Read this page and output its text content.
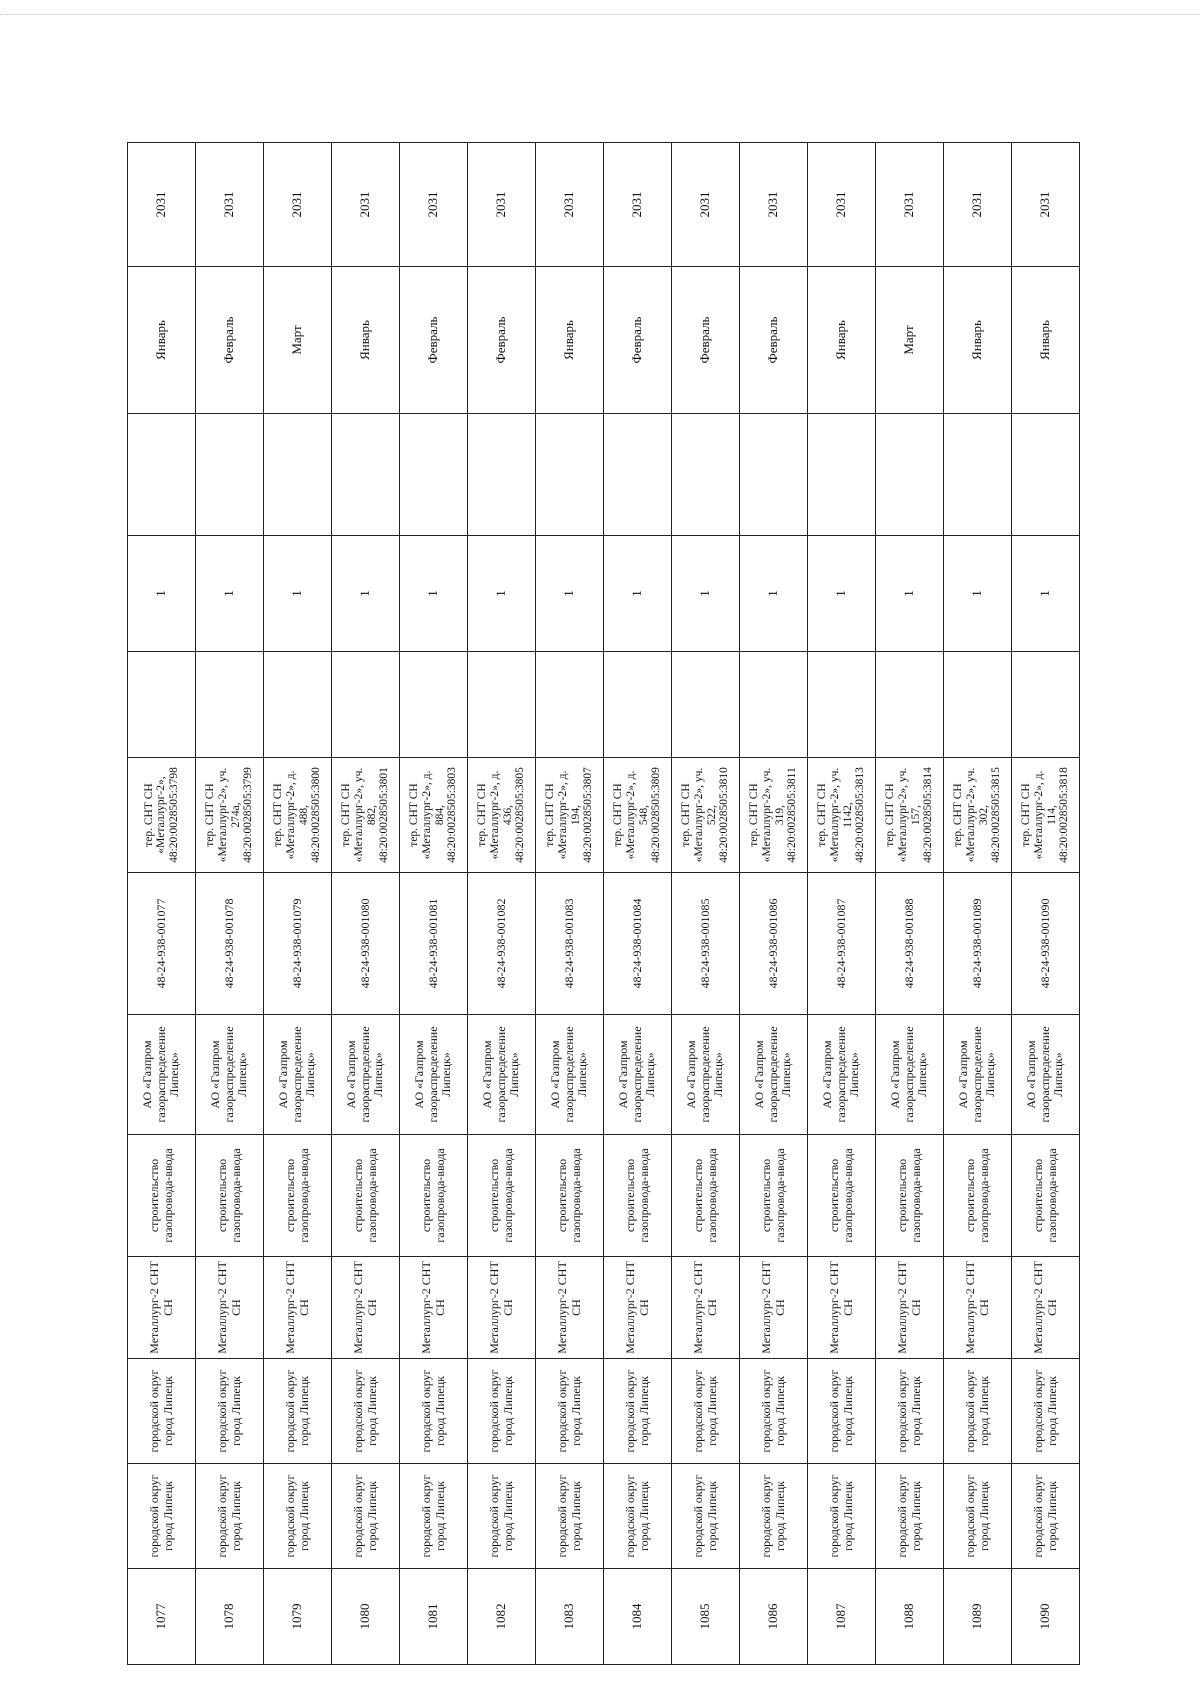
1077	городской округ город Липецк	городской округ город Липецк	Металлург-2 СНТ СН	строительство газопровода-ввода	АО «Газпром газораспределение Липецк»	48-24-938-001077	тер. СНТ СН «Металлург-2», 48:20:0028505:3798		1		Январь	2031
1078	городской округ город Липецк	городской округ город Липецк	Металлург-2 СНТ СН	строительство газопровода-ввода	АО «Газпром газораспределение Липецк»	48-24-938-001078	тер. СНТ СН «Металлург-2», уч. 274а, 48:20:0028505:3799		1		Февраль	2031
1079	городской округ город Липецк	городской округ город Липецк	Металлург-2 СНТ СН	строительство газопровода-ввода	АО «Газпром газораспределение Липецк»	48-24-938-001079	тер. СНТ СН «Металлург-2», д. 488, 48:20:0028505:3800		1		Март	2031
1080	городской округ город Липецк	городской округ город Липецк	Металлург-2 СНТ СН	строительство газопровода-ввода	АО «Газпром газораспределение Липецк»	48-24-938-001080	тер. СНТ СН «Металлург-2», уч. 882, 48:20:0028505:3801		1		Январь	2031
1081	городской округ город Липецк	городской округ город Липецк	Металлург-2 СНТ СН	строительство газопровода-ввода	АО «Газпром газораспределение Липецк»	48-24-938-001081	тер. СНТ СН «Металлург-2», д. 884, 48:20:0028505:3803		1		Февраль	2031
1082	городской округ город Липецк	городской округ город Липецк	Металлург-2 СНТ СН	строительство газопровода-ввода	АО «Газпром газораспределение Липецк»	48-24-938-001082	тер. СНТ СН «Металлург-2», д. 436, 48:20:0028505:3805		1		Февраль	2031
1083	городской округ город Липецк	городской округ город Липецк	Металлург-2 СНТ СН	строительство газопровода-ввода	АО «Газпром газораспределение Липецк»	48-24-938-001083	тер. СНТ СН «Металлург-2», д. 194, 48:20:0028505:3807		1		Январь	2031
1084	городской округ город Липецк	городской округ город Липецк	Металлург-2 СНТ СН	строительство газопровода-ввода	АО «Газпром газораспределение Липецк»	48-24-938-001084	тер. СНТ СН «Металлург-2», д. 548, 48:20:0028505:3809		1		Февраль	2031
1085	городской округ город Липецк	городской округ город Липецк	Металлург-2 СНТ СН	строительство газопровода-ввода	АО «Газпром газораспределение Липецк»	48-24-938-001085	тер. СНТ СН «Металлург-2», уч. 522, 48:20:0028505:3810		1		Февраль	2031
1086	городской округ город Липецк	городской округ город Липецк	Металлург-2 СНТ СН	строительство газопровода-ввода	АО «Газпром газораспределение Липецк»	48-24-938-001086	тер. СНТ СН «Металлург-2», уч. 319, 48:20:0028505:3811		1		Февраль	2031
1087	городской округ город Липецк	городской округ город Липецк	Металлург-2 СНТ СН	строительство газопровода-ввода	АО «Газпром газораспределение Липецк»	48-24-938-001087	тер. СНТ СН «Металлург-2», уч. 1142, 48:20:0028505:3813		1		Январь	2031
1088	городской округ город Липецк	городской округ город Липецк	Металлург-2 СНТ СН	строительство газопровода-ввода	АО «Газпром газораспределение Липецк»	48-24-938-001088	тер. СНТ СН «Металлург-2», уч. 157, 48:20:0028505:3814		1		Март	2031
1089	городской округ город Липецк	городской округ город Липецк	Металлург-2 СНТ СН	строительство газопровода-ввода	АО «Газпром газораспределение Липецк»	48-24-938-001089	тер. СНТ СН «Металлург-2», уч. 302, 48:20:0028505:3815		1		Январь	2031
1090	городской округ город Липецк	городской округ город Липецк	Металлург-2 СНТ СН	строительство газопровода-ввода	АО «Газпром газораспределение Липецк»	48-24-938-001090	тер. СНТ СН «Металлург-2», д. 114, 48:20:0028505:3818		1		Январь	2031
